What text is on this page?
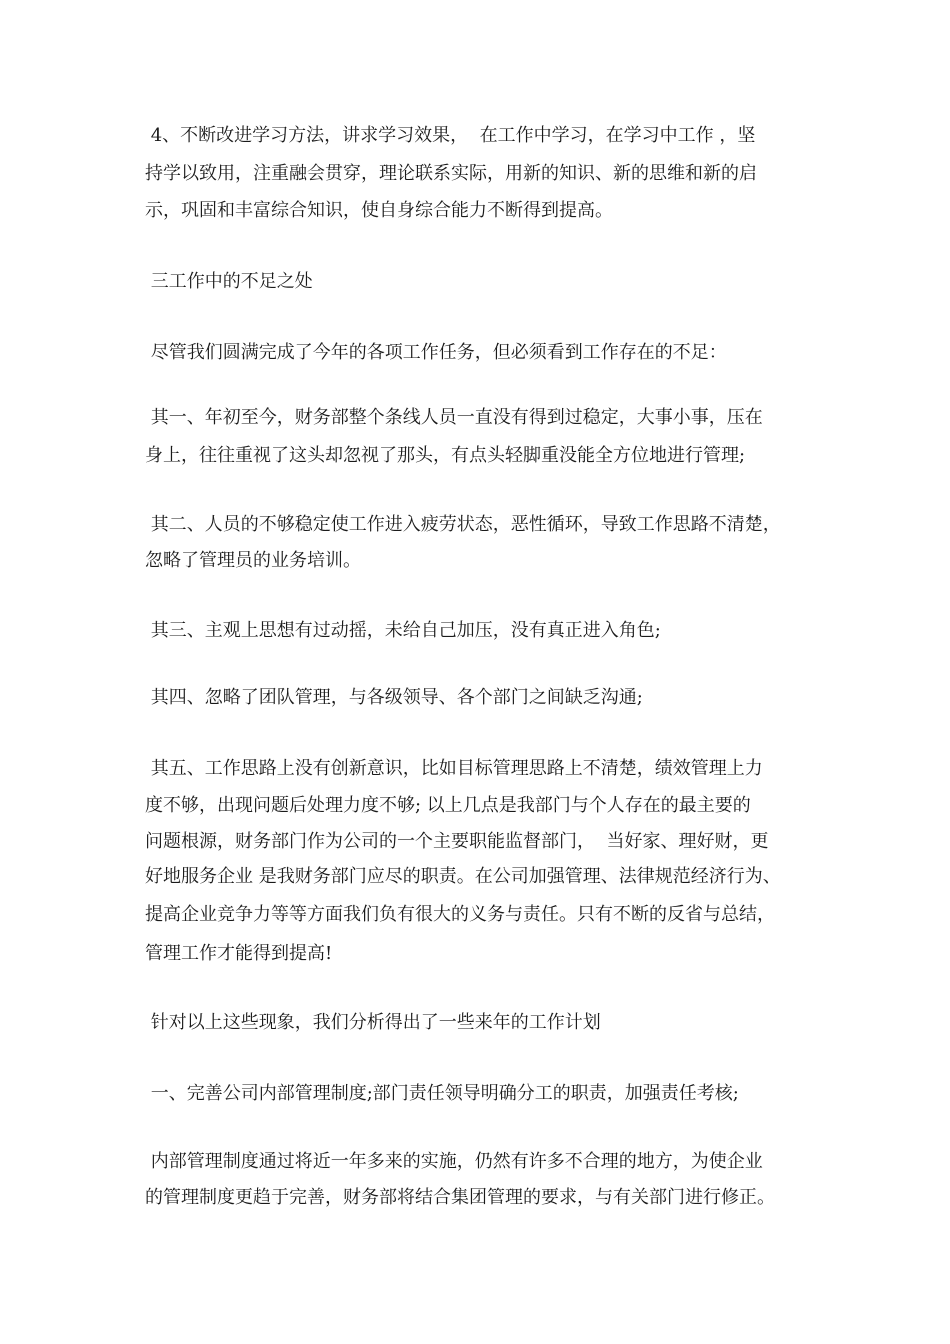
4、不断改进学习方法，讲求学习效果，  在工作中学习，在学习中工作 ，坚

持学以致用，注重融会贯穿，理论联系实际，用新的知识、新的思维和新的启

示，巩固和丰富综合知识，使自身综合能力不断得到提高。

三工作中的不足之处

尽管我们圆满完成了今年的各项工作任务，但必须看到工作存在的不足：

其一、年初至今，财务部整个条线人员一直没有得到过稳定，大事小事，压在

身上，往往重视了这头却忽视了那头，有点头轻脚重没能全方位地进行管理;

其二、人员的不够稳定使工作进入疲劳状态，恶性循环，导致工作思路不清楚，

忽略了管理员的业务培训。

其三、主观上思想有过动摇，未给自己加压，没有真正进入角色;

其四、忽略了团队管理，与各级领导、各个部门之间缺乏沟通;

其五、工作思路上没有创新意识，比如目标管理思路上不清楚，绩效管理上力

度不够，出现问题后处理力度不够; 以上几点是我部门与个人存在的最主要的

问题根源，财务部门作为公司的一个主要职能监督部门，  当好家、理好财，更

好地服务企业 是我财务部门应尽的职责。在公司加强管理、法律规范经济行为、

提高企业竞争力等等方面我们负有很大的义务与责任。只有不断的反省与总结，

管理工作才能得到提高!

针对以上这些现象，我们分析得出了一些来年的工作计划

一、完善公司内部管理制度;部门责任领导明确分工的职责，加强责任考核;

内部管理制度通过将近一年多来的实施，仍然有许多不合理的地方，为使企业

的管理制度更趋于完善，财务部将结合集团管理的要求，与有关部门进行修正。
